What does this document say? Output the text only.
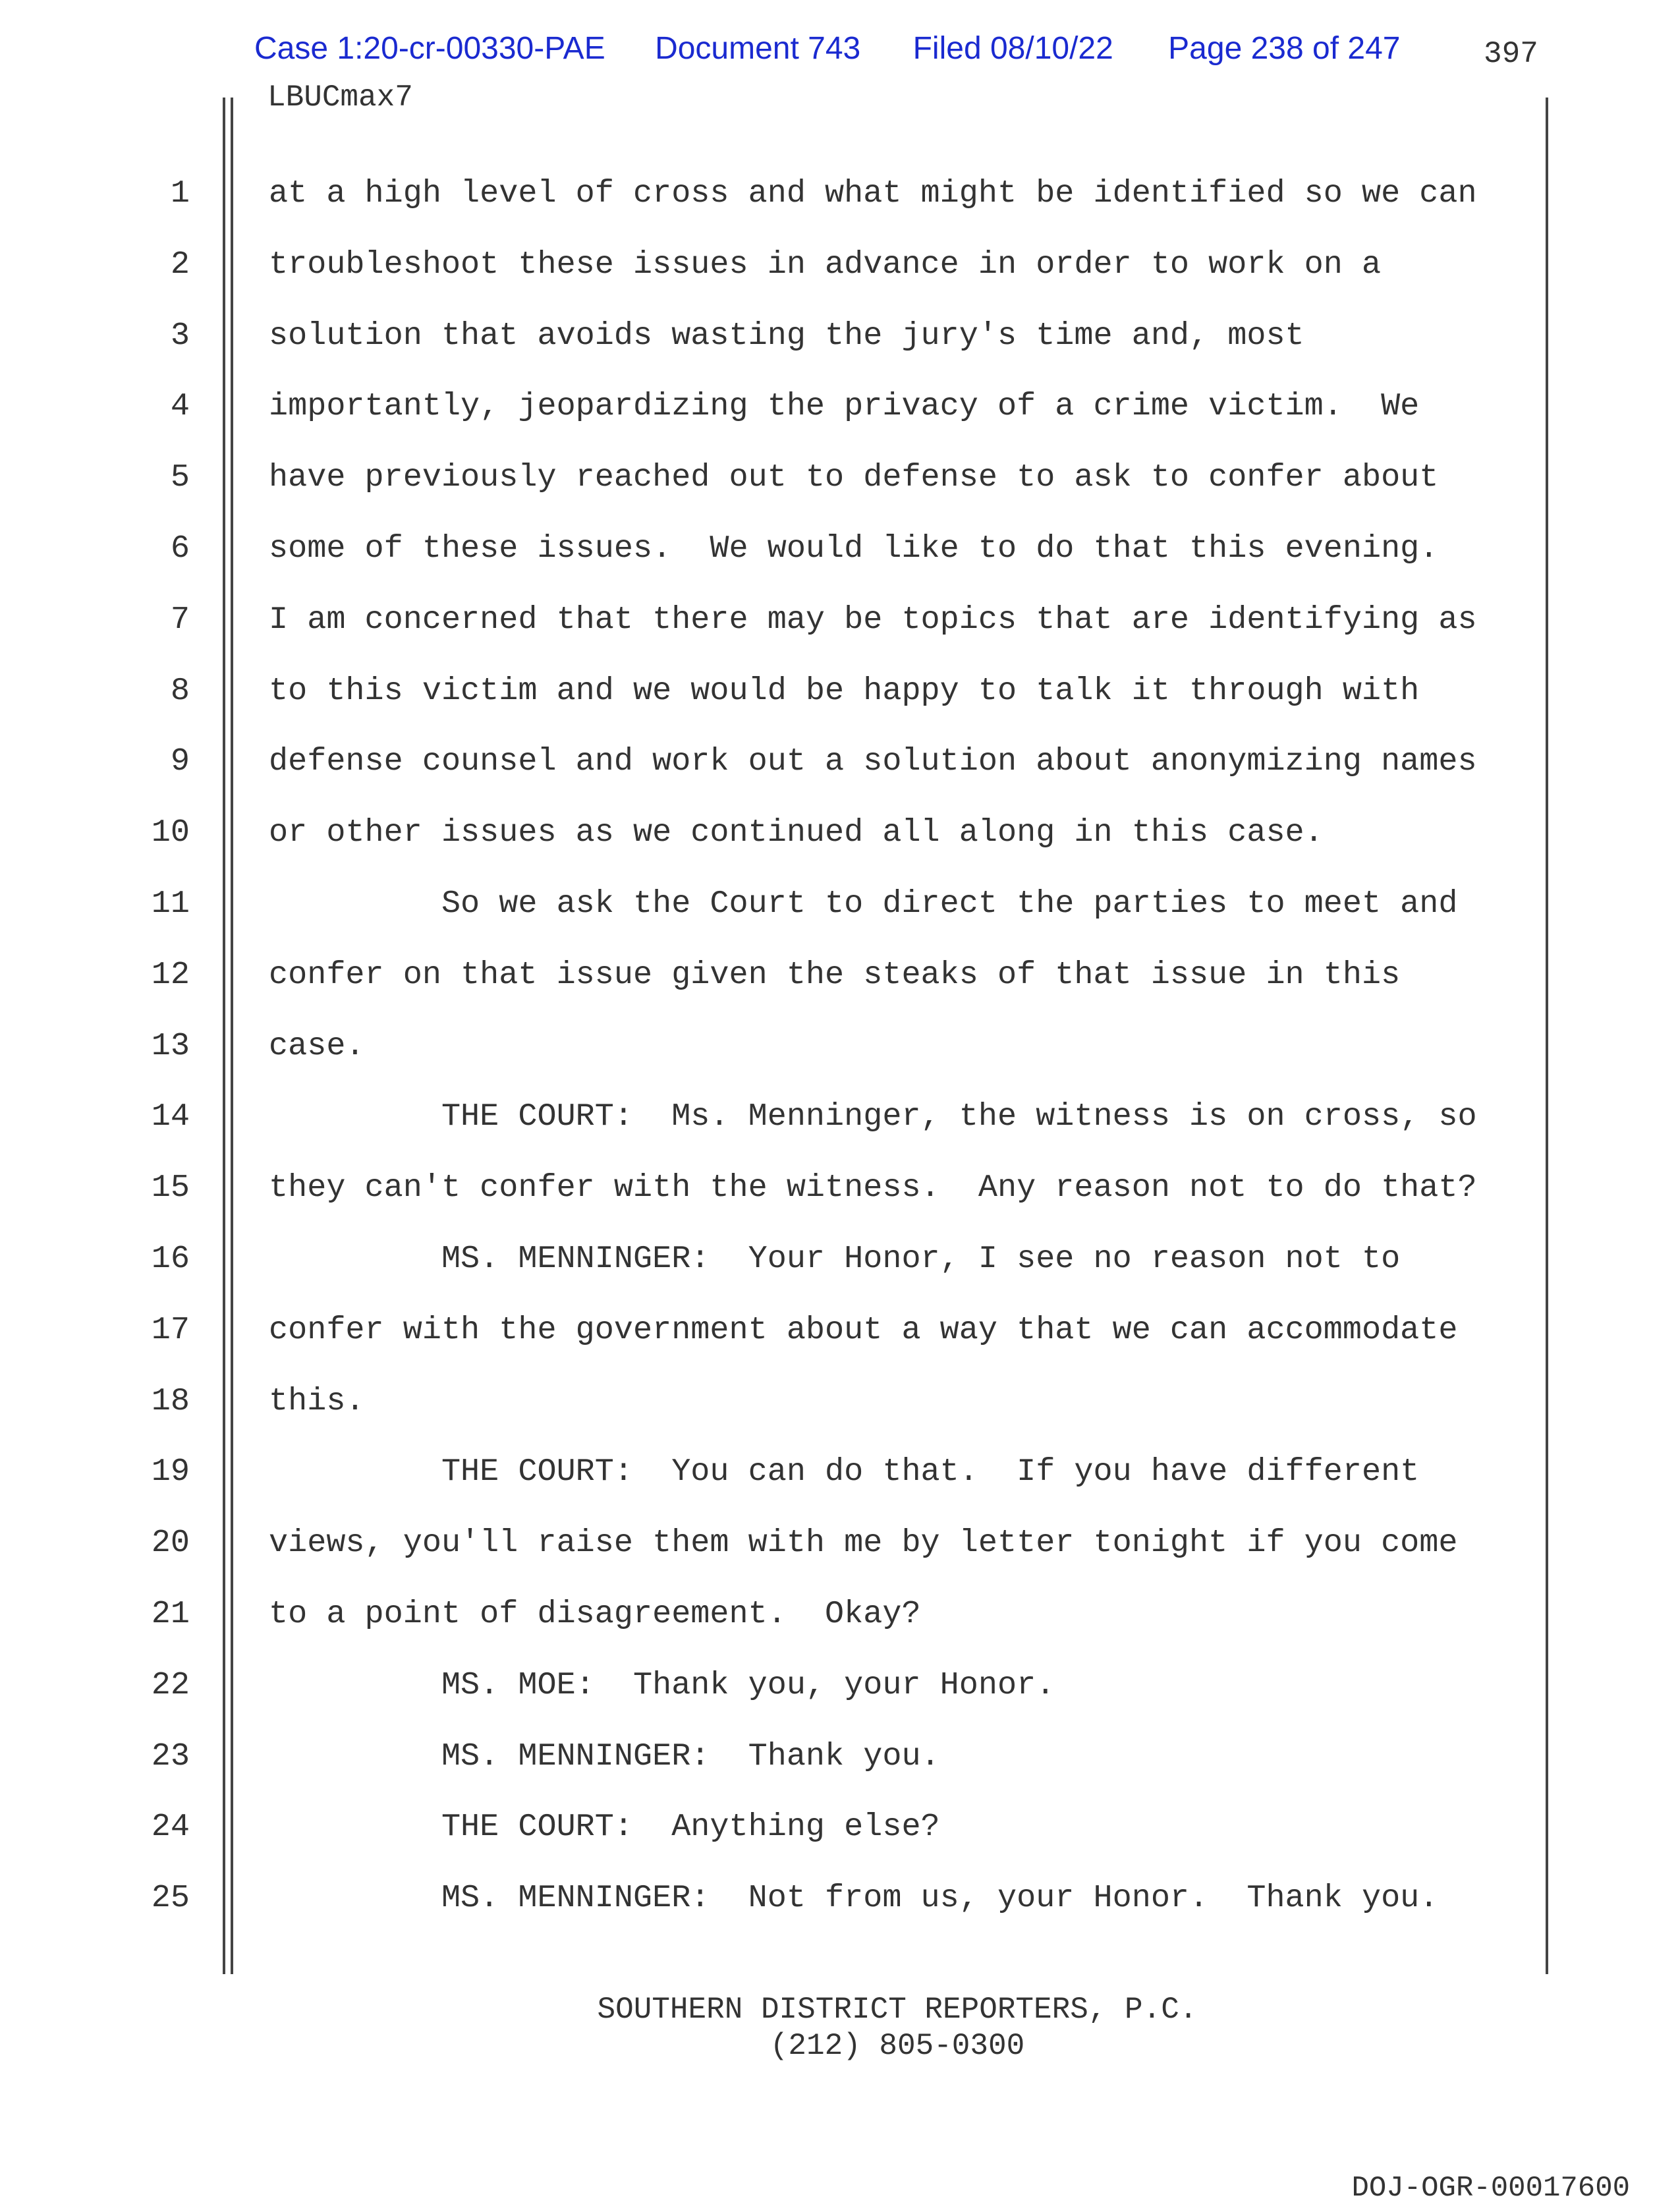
Case 1:20-cr-00330-PAE Document 743 Filed 08/10/22 Page 238 of 247	397
LBUCmax7
1 at a high level of cross and what might be identified so we can
2 troubleshoot these issues in advance in order to work on a
3 solution that avoids wasting the jury's time and, most
4 importantly, jeopardizing the privacy of a crime victim.  We
5 have previously reached out to defense to ask to confer about
6 some of these issues.  We would like to do that this evening.
7 I am concerned that there may be topics that are identifying as
8 to this victim and we would be happy to talk it through with
9 defense counsel and work out a solution about anonymizing names
10 or other issues as we continued all along in this case.
11 So we ask the Court to direct the parties to meet and
12 confer on that issue given the steaks of that issue in this
13 case.
14 THE COURT:  Ms. Menninger, the witness is on cross, so
15 they can't confer with the witness.  Any reason not to do that?
16 MS. MENNINGER:  Your Honor, I see no reason not to
17 confer with the government about a way that we can accommodate
18 this.
19 THE COURT:  You can do that.  If you have different
20 views, you'll raise them with me by letter tonight if you come
21 to a point of disagreement.  Okay?
22 MS. MOE:  Thank you, your Honor.
23 MS. MENNINGER:  Thank you.
24 THE COURT:  Anything else?
25 MS. MENNINGER:  Not from us, your Honor.  Thank you.
SOUTHERN DISTRICT REPORTERS, P.C.
(212) 805-0300
DOJ-OGR-00017600
